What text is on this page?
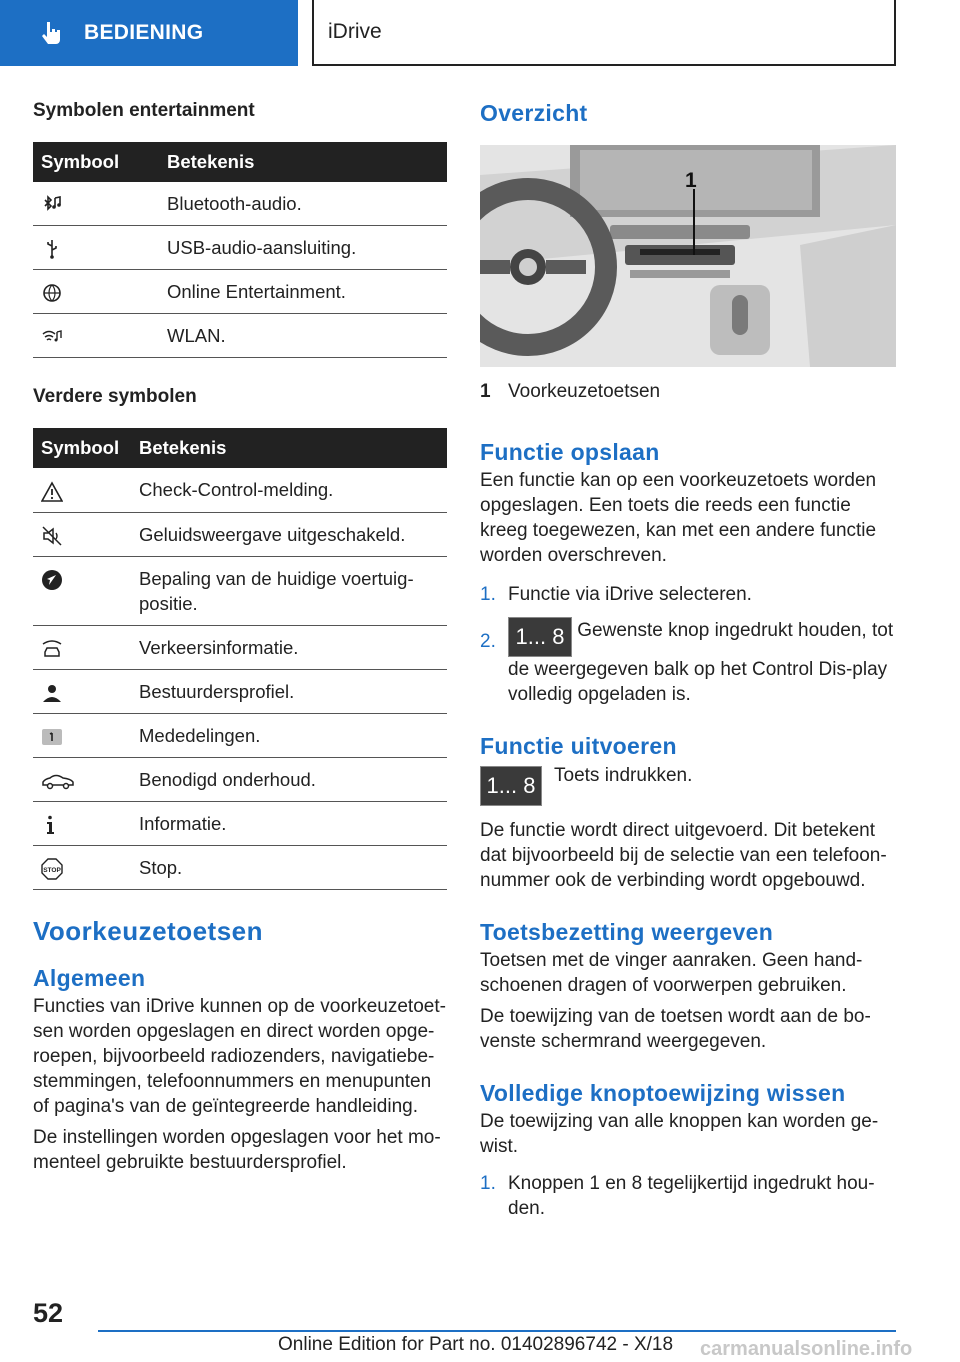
BEDIENING	iDrive
Symbolen entertainment
Symbool	Betekenis
	Bluetooth-audio.
	USB-audio-aansluiting.
	Online Entertainment.
	WLAN.
Verdere symbolen
Symbool	Betekenis
	Check-Control-melding.
	Geluidsweergave uitgeschakeld.
	Bepaling van de huidige voertuig-positie.
	Verkeersinformatie.
	Bestuurdersprofiel.
	Mededelingen.
	Benodigd onderhoud.
	Informatie.

STOP	Stop.
Voorkeuzetoetsen
Algemeen

Functies van iDrive kunnen op de voorkeuzetoet-sen worden opgeslagen en direct worden opge-roepen, bijvoorbeeld radiozenders, navigatiebe-stemmingen, telefoonnummers en menupunten of pagina's van de geïntegreerde handleiding.

De instellingen worden opgeslagen voor het mo-menteel gebruikte bestuurdersprofiel.

Overzicht
1
1 Voorkeuzetoetsen
Functie opslaan

Een functie kan op een voorkeuzetoets worden opgeslagen. Een toets die reeds een functie kreeg toegewezen, kan met een andere functie worden overschreven.

1. Functie via iDrive selecteren.
2. 1... 8 Gewenste knop ingedrukt houden, tot de weergegeven balk op het Control Dis-play volledig opgeladen is.
Functie uitvoeren
1... 8 Toets indrukken.

De functie wordt direct uitgevoerd. Dit betekent dat bijvoorbeeld bij de selectie van een telefoon-nummer ook de verbinding wordt opgebouwd.

Toetsbezetting weergeven

Toetsen met de vinger aanraken. Geen hand-schoenen dragen of voorwerpen gebruiken.

De toewijzing van de toetsen wordt aan de bo-venste schermrand weergegeven.

Volledige knoptoewijzing wissen

De toewijzing van alle knoppen kan worden ge-wist.

1. Knoppen 1 en 8 tegelijkertijd ingedrukt hou-den.
52
Online Edition for Part no. 01402896742 - X/18 carmanualsonline.info
